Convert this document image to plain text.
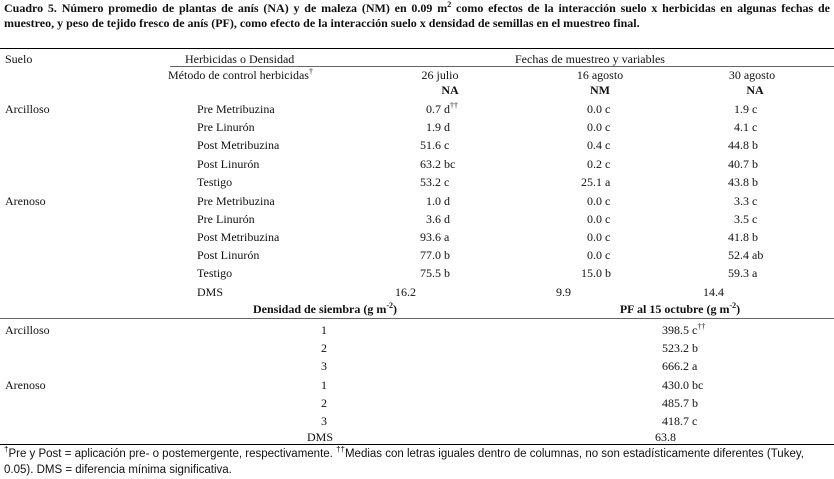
Cuadro 5. Número promedio de plantas de anís (NA) y de maleza (NM) en 0.09 $m^2$ como efectos de la interacción suelo x herbicidas en algunas fechas de muestreo, y peso de tejido fresco de anís (PF), como efecto de la interacción suelo x densidad de semillas en el muestreo final.
Suelo	Herbicidas o Densidad	Fechas de muestreo y variables
Método de control herbicidas†	26 julio	16 agosto	30 agosto
NA	NM	NA
Arcilloso	Pre Metribuzina	0.7 d††	0.0 c	1.9 c
Pre Linurón	1.9 d	0.0 c	4.1 c
Post Metribuzina	51.6 c	0.4 c	44.8 b
Post Linurón	63.2 bc	0.2 c	40.7 b
Testigo	53.2 c	25.1 a	43.8 b
Arenoso	Pre Metribuzina	1.0 d	0.0 c	3.3 c
Pre Linurón	3.6 d	0.0 c	3.5 c
Post Metribuzina	93.6 a	0.0 c	41.8 b
Post Linurón	77.0 b	0.0 c	52.4 ab
Testigo	75.5 b	15.0 b	59.3 a
DMS	16.2	9.9	14.4
Densidad de siembra (g $m^{-2}$)	PF al 15 octubre (g $m^{-2}$)
Arcilloso	1	398.5 c††
2	523.2 b
3	666.2 a
Arenoso	1	430.0 bc
2	485.7 b
3	418.7 c
DMS	63.8
†Pre y Post = aplicación pre- o postemergente, respectivamente. ††Medias con letras iguales dentro de columnas, no son estadísticamente diferentes (Tukey, 0.05). DMS = diferencia mínima significativa.
